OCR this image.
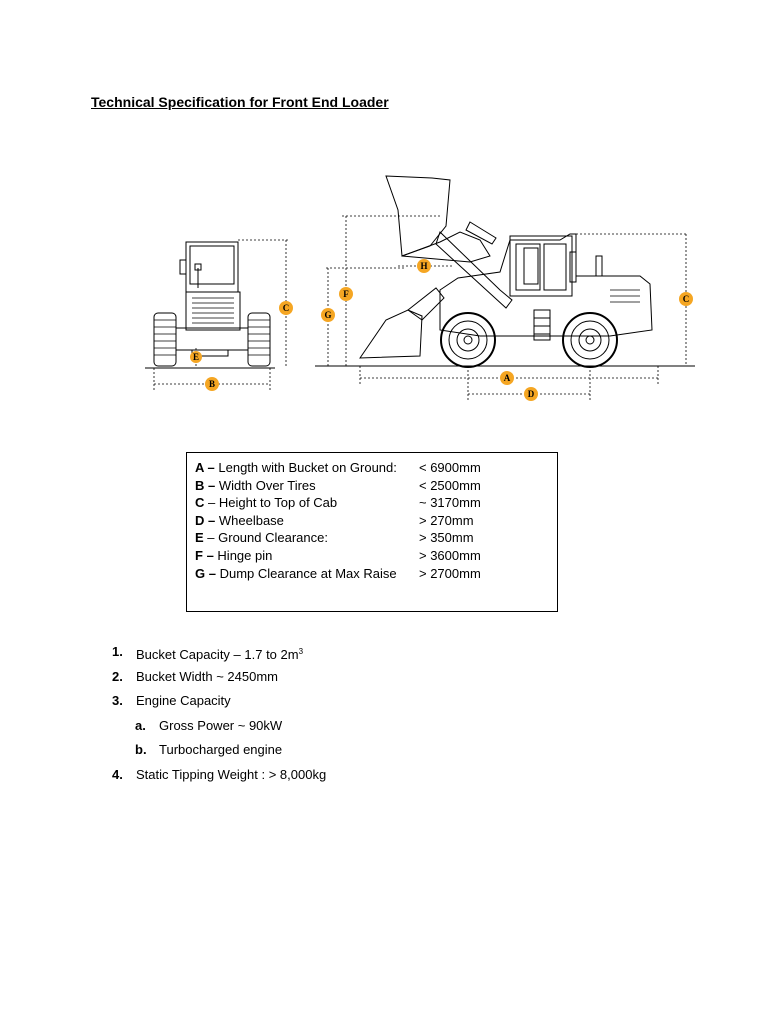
Technical Specification for Front End Loader
C
E
B
H
F
G
C
A
D
A – Length with Bucket on Ground:	< 6900mm
B – Width Over Tires	< 2500mm
C – Height to Top of Cab	~ 3170mm
D – Wheelbase	> 270mm
E – Ground Clearance:	> 350mm
F – Hinge pin	> 3600mm
G – Dump Clearance at Max Raise	> 2700mm
1. Bucket Capacity – 1.7 to $2m^3$
2. Bucket Width ~ 2450mm
3. Engine Capacity
a. Gross Power ~ 90kW
b. Turbocharged engine
4. Static Tipping Weight : > 8,000kg
